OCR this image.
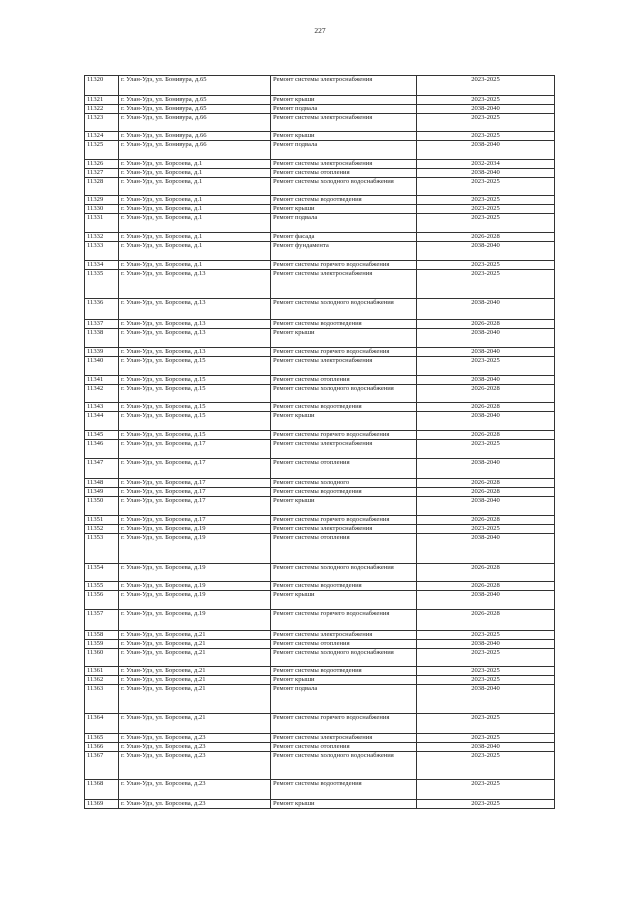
227
11320	г. Улан-Удэ, ул. Бонивура, д.65	Ремонт системы электроснабжения	2023-2025
11321	г. Улан-Удэ, ул. Бонивура, д.65	Ремонт крыши	2023-2025
11322	г. Улан-Удэ, ул. Бонивура, д.65	Ремонт подвала	2038-2040
11323	г. Улан-Удэ, ул. Бонивура, д.66	Ремонт системы электроснабжения	2023-2025
11324	г. Улан-Удэ, ул. Бонивура, д.66	Ремонт крыши	2023-2025
11325	г. Улан-Удэ, ул. Бонивура, д.66	Ремонт подвала	2038-2040
11326	г. Улан-Удэ, ул. Борсоева, д.1	Ремонт системы электроснабжения	2032-2034
11327	г. Улан-Удэ, ул. Борсоева, д.1	Ремонт системы отопления	2038-2040
11328	г. Улан-Удэ, ул. Борсоева, д.1	Ремонт системы холодного водоснабжения	2023-2025
11329	г. Улан-Удэ, ул. Борсоева, д.1	Ремонт системы водоотведения	2023-2025
11330	г. Улан-Удэ, ул. Борсоева, д.1	Ремонт крыши	2023-2025
11331	г. Улан-Удэ, ул. Борсоева, д.1	Ремонт подвала	2023-2025
11332	г. Улан-Удэ, ул. Борсоева, д.1	Ремонт фасада	2026-2028
11333	г. Улан-Удэ, ул. Борсоева, д.1	Ремонт фундамента	2038-2040
11334	г. Улан-Удэ, ул. Борсоева, д.1	Ремонт системы горячего водоснабжения	2023-2025
11335	г. Улан-Удэ, ул. Борсоева, д.13	Ремонт системы электроснабжения	2023-2025
11336	г. Улан-Удэ, ул. Борсоева, д.13	Ремонт системы холодного водоснабжения	2038-2040
11337	г. Улан-Удэ, ул. Борсоева, д.13	Ремонт системы водоотведения	2026-2028
11338	г. Улан-Удэ, ул. Борсоева, д.13	Ремонт крыши	2038-2040
11339	г. Улан-Удэ, ул. Борсоева, д.13	Ремонт системы горячего водоснабжения	2038-2040
11340	г. Улан-Удэ, ул. Борсоева, д.15	Ремонт системы электроснабжения	2023-2025
11341	г. Улан-Удэ, ул. Борсоева, д.15	Ремонт системы отопления	2038-2040
11342	г. Улан-Удэ, ул. Борсоева, д.15	Ремонт системы холодного водоснабжения	2026-2028
11343	г. Улан-Удэ, ул. Борсоева, д.15	Ремонт системы водоотведения	2026-2028
11344	г. Улан-Удэ, ул. Борсоева, д.15	Ремонт крыши	2038-2040
11345	г. Улан-Удэ, ул. Борсоева, д.15	Ремонт системы горячего водоснабжения	2026-2028
11346	г. Улан-Удэ, ул. Борсоева, д.17	Ремонт системы электроснабжения	2023-2025
11347	г. Улан-Удэ, ул. Борсоева, д.17	Ремонт системы отопления	2038-2040
11348	г. Улан-Удэ, ул. Борсоева, д.17	Ремонт системы холодного	2026-2028
11349	г. Улан-Удэ, ул. Борсоева, д.17	Ремонт системы водоотведения	2026-2028
11350	г. Улан-Удэ, ул. Борсоева, д.17	Ремонт крыши	2038-2040
11351	г. Улан-Удэ, ул. Борсоева, д.17	Ремонт системы горячего водоснабжения	2026-2028
11352	г. Улан-Удэ, ул. Борсоева, д.19	Ремонт системы электроснабжения	2023-2025
11353	г. Улан-Удэ, ул. Борсоева, д.19	Ремонт системы отопления	2038-2040
11354	г. Улан-Удэ, ул. Борсоева, д.19	Ремонт системы холодного водоснабжения	2026-2028
11355	г. Улан-Удэ, ул. Борсоева, д.19	Ремонт системы водоотведения	2026-2028
11356	г. Улан-Удэ, ул. Борсоева, д.19	Ремонт крыши	2038-2040
11357	г. Улан-Удэ, ул. Борсоева, д.19	Ремонт системы горячего водоснабжения	2026-2028
11358	г. Улан-Удэ, ул. Борсоева, д.21	Ремонт системы электроснабжения	2023-2025
11359	г. Улан-Удэ, ул. Борсоева, д.21	Ремонт системы отопления	2038-2040
11360	г. Улан-Удэ, ул. Борсоева, д.21	Ремонт системы холодного водоснабжения	2023-2025
11361	г. Улан-Удэ, ул. Борсоева, д.21	Ремонт системы водоотведения	2023-2025
11362	г. Улан-Удэ, ул. Борсоева, д.21	Ремонт крыши	2023-2025
11363	г. Улан-Удэ, ул. Борсоева, д.21	Ремонт подвала	2038-2040
11364	г. Улан-Удэ, ул. Борсоева, д.21	Ремонт системы горячего водоснабжения	2023-2025
11365	г. Улан-Удэ, ул. Борсоева, д.23	Ремонт системы электроснабжения	2023-2025
11366	г. Улан-Удэ, ул. Борсоева, д.23	Ремонт системы отопления	2038-2040
11367	г. Улан-Удэ, ул. Борсоева, д.23	Ремонт системы холодного водоснабжения	2023-2025
11368	г. Улан-Удэ, ул. Борсоева, д.23	Ремонт системы водоотведения	2023-2025
11369	г. Улан-Удэ, ул. Борсоева, д.23	Ремонт крыши	2023-2025
